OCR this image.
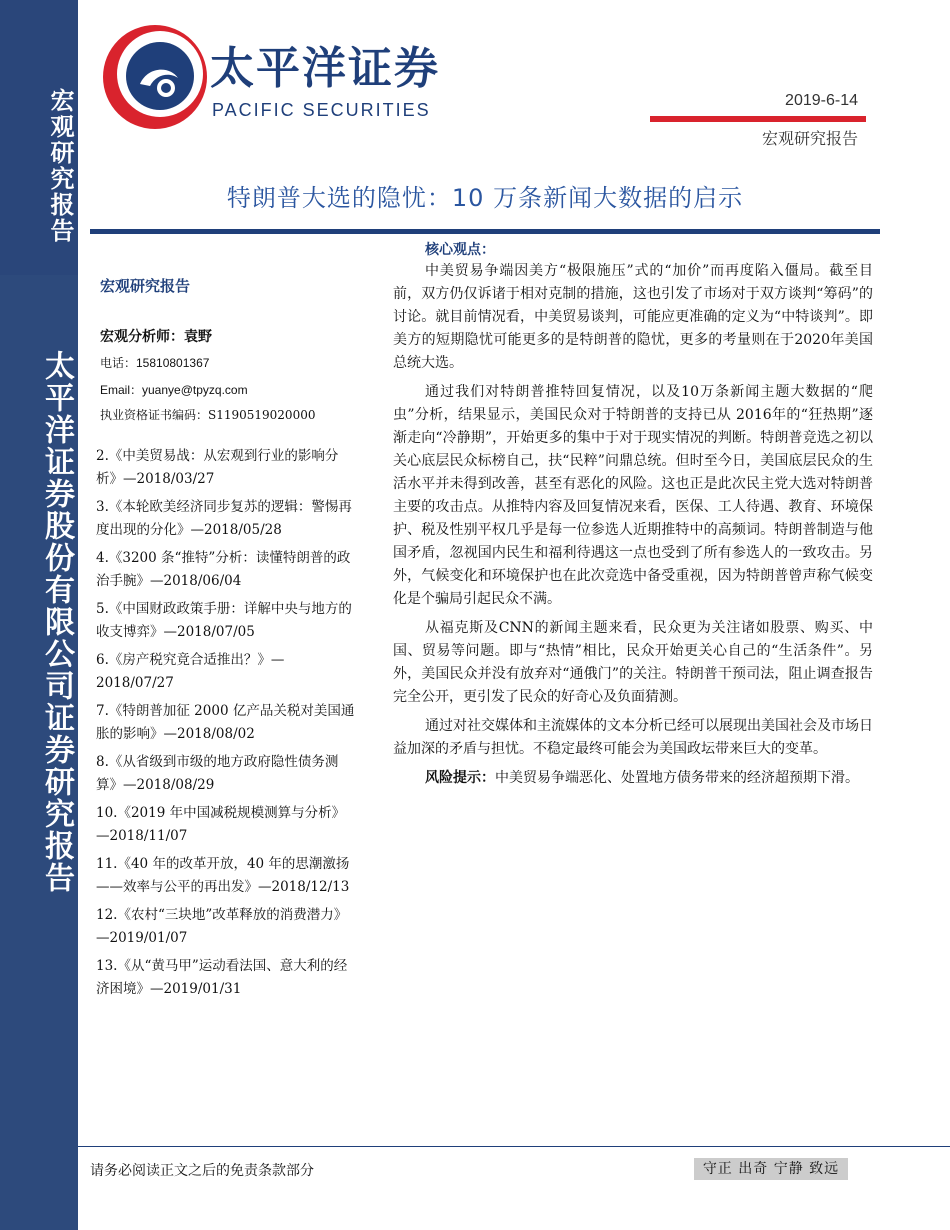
宏观研究报告
太平洋证券股份有限公司证券研究报告
太平洋证券
PACIFIC SECURITIES	2019-6-14
宏观研究报告
特朗普大选的隐忧：10 万条新闻大数据的启示
宏观研究报告
宏观分析师：袁野
电话：15810801367
Email：yuanye@tpyzq.com
执业资格证书编码：S1190519020000
2.《中美贸易战：从宏观到行业的影响分析》—2018/03/27
3.《本轮欧美经济同步复苏的逻辑：警惕再度出现的分化》—2018/05/28
4.《3200 条“推特”分析：读懂特朗普的政治手腕》—2018/06/04
5.《中国财政政策手册：详解中央与地方的收支博弈》—2018/07/05
6.《房产税究竟合适推出？》—2018/07/27
7.《特朗普加征 2000 亿产品关税对美国通胀的影响》—2018/08/02
8.《从省级到市级的地方政府隐性债务测算》—2018/08/29
10.《2019 年中国减税规模测算与分析》—2018/11/07
11.《40 年的改革开放，40 年的思潮激扬——效率与公平的再出发》—2018/12/13
12.《农村“三块地”改革释放的消费潜力》—2019/01/07
13.《从“黄马甲”运动看法国、意大利的经济困境》—2019/01/31
核心观点：

中美贸易争端因美方“极限施压”式的“加价”而再度陷入僵局。截至目前，双方仍仅诉诸于相对克制的措施，这也引发了市场对于双方谈判“筹码”的讨论。就目前情况看，中美贸易谈判，可能应更准确的定义为“中特谈判”。即美方的短期隐忧可能更多的是特朗普的隐忧，更多的考量则在于2020年美国总统大选。

通过我们对特朗普推特回复情况，以及10万条新闻主题大数据的“爬虫”分析，结果显示，美国民众对于特朗普的支持已从 2016年的“狂热期”逐渐走向“冷静期”，开始更多的集中于对于现实情况的判断。特朗普竞选之初以关心底层民众标榜自己，扶“民粹”问鼎总统。但时至今日，美国底层民众的生活水平并未得到改善，甚至有恶化的风险。这也正是此次民主党大选对特朗普主要的攻击点。从推特内容及回复情况来看，医保、工人待遇、教育、环境保护、税及性别平权几乎是每一位参选人近期推特中的高频词。特朗普制造与他国矛盾，忽视国内民生和福利待遇这一点也受到了所有参选人的一致攻击。另外，气候变化和环境保护也在此次竞选中备受重视，因为特朗普曾声称气候变化是个骗局引起民众不满。

从福克斯及CNN的新闻主题来看，民众更为关注诸如股票、购买、中国、贸易等问题。即与“热情”相比，民众开始更关心自己的“生活条件”。另外，美国民众并没有放弃对“通俄门”的关注。特朗普干预司法，阻止调查报告完全公开，更引发了民众的好奇心及负面猜测。

通过对社交媒体和主流媒体的文本分析已经可以展现出美国社会及市场日益加深的矛盾与担忧。不稳定最终可能会为美国政坛带来巨大的变革。

风险提示：中美贸易争端恶化、处置地方债务带来的经济超预期下滑。

请务必阅读正文之后的免责条款部分	守正 出奇 宁静 致远
